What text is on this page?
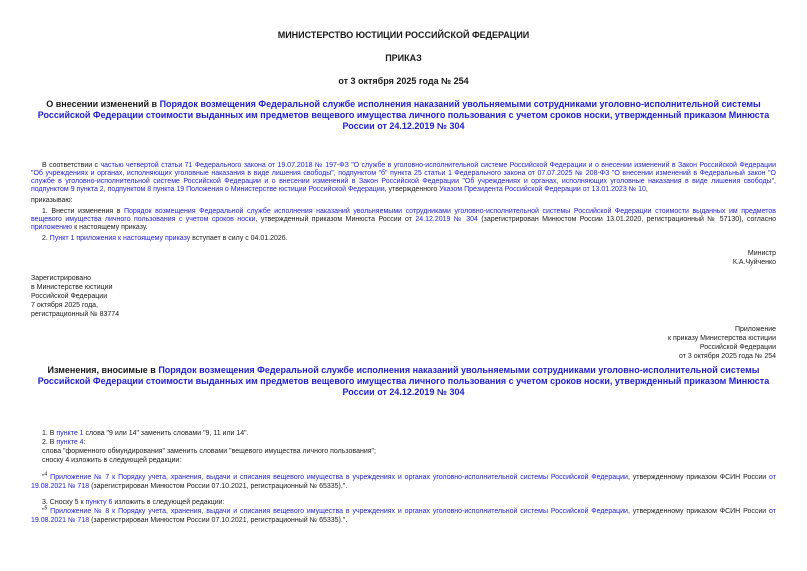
МИНИСТЕРСТВО ЮСТИЦИИ РОССИЙСКОЙ ФЕДЕРАЦИИ

ПРИКАЗ

от 3 октября 2025 года № 254

О внесении изменений в Порядок возмещения Федеральной службе исполнения наказаний увольняемыми сотрудниками уголовно-исполнительной системы Российской Федерации стоимости выданных им предметов вещевого имущества личного пользования с учетом сроков носки, утвержденный приказом Минюста России от 24.12.2019 № 304

В соответствии с частью четвертой статьи 71 Федерального закона от 19.07.2018 № 197-ФЗ "О службе в уголовно-исполнительной системе Российской Федерации и о внесении изменений в Закон Российской Федерации "Об учреждениях и органах, исполняющих уголовные наказания в виде лишения свободы", подпунктом "б" пункта 25 статьи 1 Федерального закона от 07.07.2025 № 208-ФЗ "О внесении изменений в Федеральный закон "О службе в уголовно-исполнительной системе Российской Федерации и о внесении изменений в Закон Российской Федерации "Об учреждениях и органах, исполняющих уголовные наказания в виде лишения свободы", подпунктом 9 пункта 2, подпунктом 8 пункта 19 Положения о Министерстве юстиции Российской Федерации, утвержденного Указом Президента Российской Федерации от 13.01.2023 № 10,

приказываю:

1. Внести изменения в Порядок возмещения Федеральной службе исполнения наказаний увольняемыми сотрудниками уголовно-исполнительной системы Российской Федерации стоимости выданных им предметов вещевого имущества личного пользования с учетом сроков носки, утвержденный приказом Минюста России от 24.12.2019 № 304 (зарегистрирован Минюстом России 13.01.2020, регистрационный № 57130), согласно приложению к настоящему приказу.

2. Пункт 1 приложения к настоящему приказу вступает в силу с 04.01.2026.

Министр
К.А.Чуйченко
Зарегистрировано
в Министерстве юстиции
Российской Федерации
7 октября 2025 года,
регистрационный № 83774
Приложение
к приказу Министерства юстиции
Российской Федерации
от 3 октября 2025 года № 254
Изменения, вносимые в Порядок возмещения Федеральной службе исполнения наказаний увольняемыми сотрудниками уголовно-исполнительной системы Российской Федерации стоимости выданных им предметов вещевого имущества личного пользования с учетом сроков носки, утвержденный приказом Минюста России от 24.12.2019 № 304

1. В пункте 1 слова "9 или 14" заменить словами "9, 11 или 14".

2. В пункте 4:

слова "форменного обмундирования" заменить словами "вещевого имущества личного пользования";

сноску 4 изложить в следующей редакции:

"$^4$ Приложение № 7 к Порядку учета, хранения, выдачи и списания вещевого имущества в учреждениях и органах уголовно-исполнительной системы Российской Федерации, утвержденному приказом ФСИН России от 19.08.2021 № 718 (зарегистрирован Минюстом России 07.10.2021, регистрационный № 65335).".

3. Сноску 5 к пункту 6 изложить в следующей редакции:

"$^5$ Приложение № 8 к Порядку учета, хранения, выдачи и списания вещевого имущества в учреждениях и органах уголовно-исполнительной системы Российской Федерации, утвержденному приказом ФСИН России от 19.08.2021 № 718 (зарегистрирован Минюстом России 07.10.2021, регистрационный № 65335).".
